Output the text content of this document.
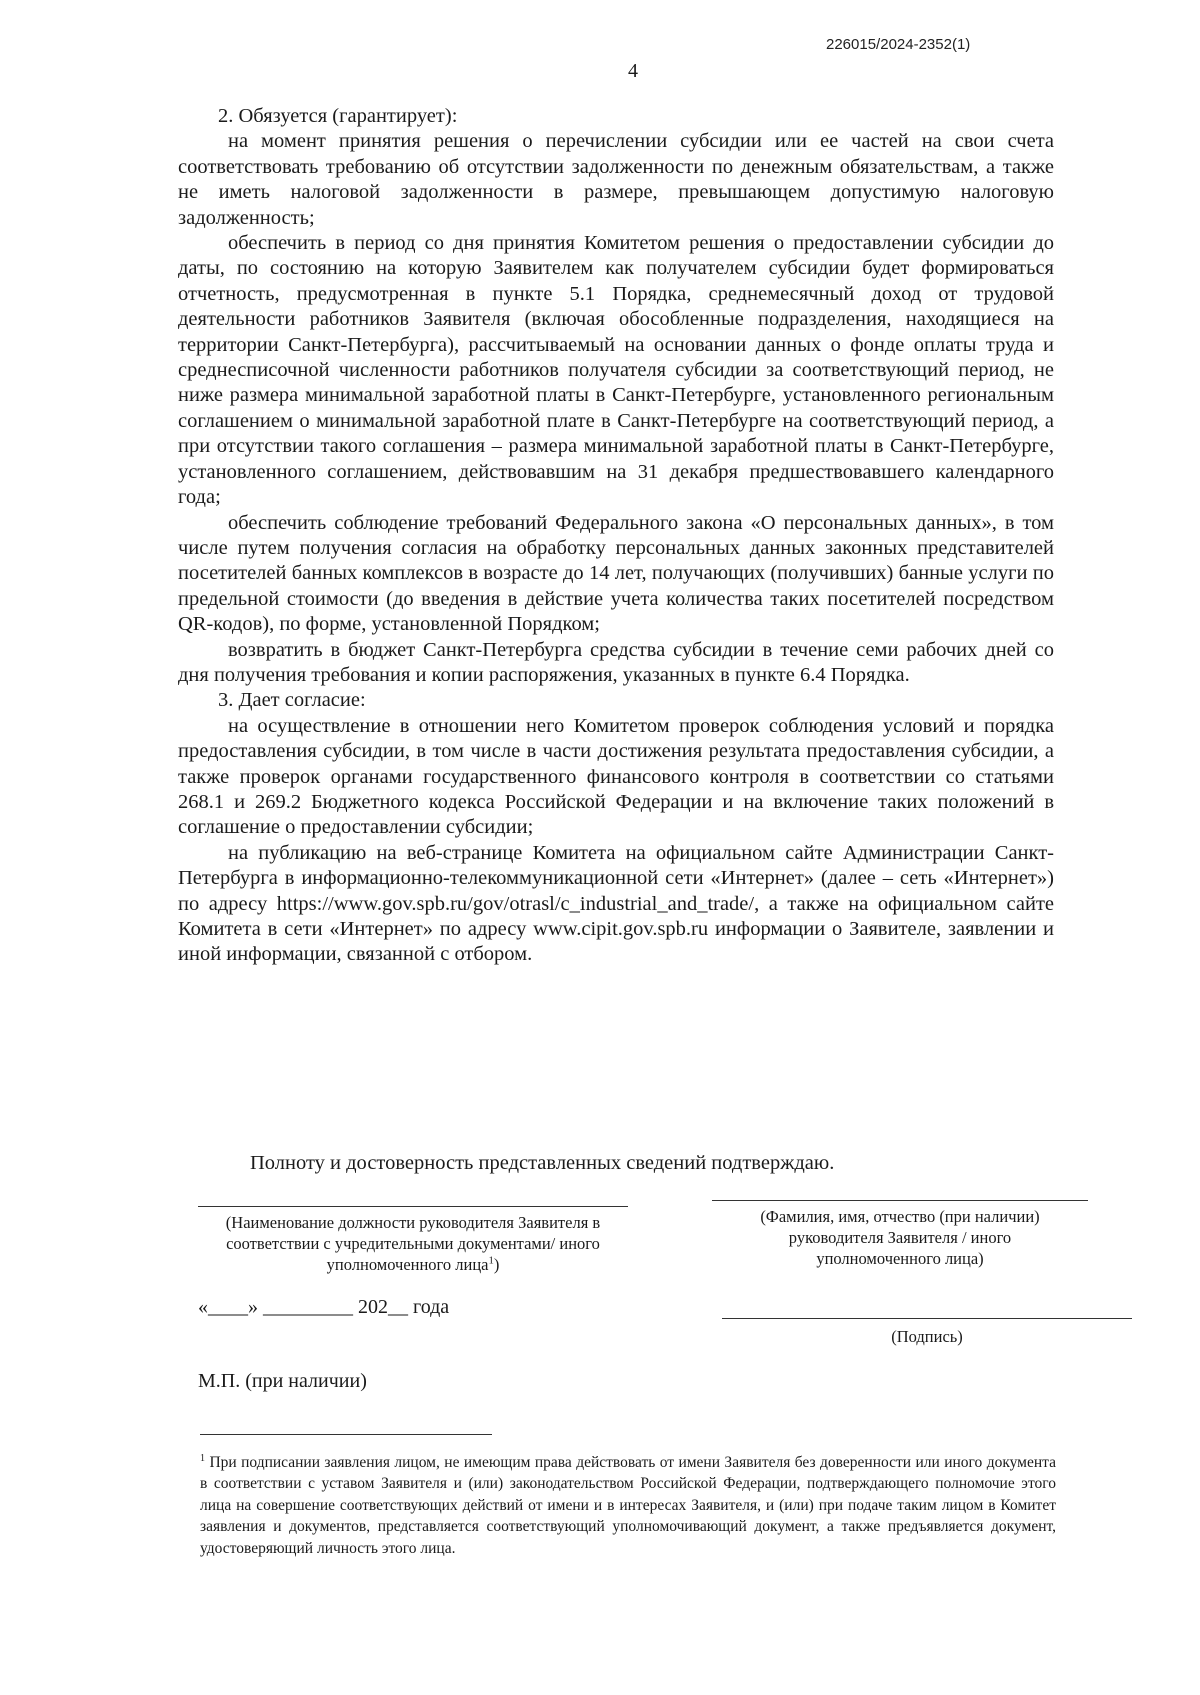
226015/2024-2352(1)
4

2. Обязуется (гарантирует):

на момент принятия решения о перечислении субсидии или ее частей на свои счета соответствовать требованию об отсутствии задолженности по денежным обязательствам, а также не иметь налоговой задолженности в размере, превышающем допустимую налоговую задолженность;

обеспечить в период со дня принятия Комитетом решения о предоставлении субсидии до даты, по состоянию на которую Заявителем как получателем субсидии будет формироваться отчетность, предусмотренная в пункте 5.1 Порядка, среднемесячный доход от трудовой деятельности работников Заявителя (включая обособленные подразделения, находящиеся на территории Санкт-Петербурга), рассчитываемый на основании данных о фонде оплаты труда и среднесписочной численности работников получателя субсидии за соответствующий период, не ниже размера минимальной заработной платы в Санкт-Петербурге, установленного региональным соглашением о минимальной заработной плате в Санкт-Петербурге на соответствующий период, а при отсутствии такого соглашения – размера минимальной заработной платы в Санкт-Петербурге, установленного соглашением, действовавшим на 31 декабря предшествовавшего календарного года;

обеспечить соблюдение требований Федерального закона «О персональных данных», в том числе путем получения согласия на обработку персональных данных законных представителей посетителей банных комплексов в возрасте до 14 лет, получающих (получивших) банные услуги по предельной стоимости (до введения в действие учета количества таких посетителей посредством QR-кодов), по форме, установленной Порядком;

возвратить в бюджет Санкт-Петербурга средства субсидии в течение семи рабочих дней со дня получения требования и копии распоряжения, указанных в пункте 6.4 Порядка.

3. Дает согласие:

на осуществление в отношении него Комитетом проверок соблюдения условий и порядка предоставления субсидии, в том числе в части достижения результата предоставления субсидии, а также проверок органами государственного финансового контроля в соответствии со статьями 268.1 и 269.2 Бюджетного кодекса Российской Федерации и на включение таких положений в соглашение о предоставлении субсидии;

на публикацию на веб-странице Комитета на официальном сайте Администрации Санкт-Петербурга в информационно-телекоммуникационной сети «Интернет» (далее – сеть «Интернет») по адресу https://www.gov.spb.ru/gov/otrasl/c_industrial_and_trade/, а также на официальном сайте Комитета в сети «Интернет» по адресу www.cipit.gov.spb.ru информации о Заявителе, заявлении и иной информации, связанной с отбором.

Полноту и достоверность представленных сведений подтверждаю.
(Наименование должности руководителя Заявителя в соответствии с учредительными документами/ иного уполномоченного лица$^1$)
(Фамилия, имя, отчество (при наличии) руководителя Заявителя / иного уполномоченного лица)
«____» _________ 202__ года
(Подпись)
М.П. (при наличии)
$^1$ При подписании заявления лицом, не имеющим права действовать от имени Заявителя без доверенности или иного документа в соответствии с уставом Заявителя и (или) законодательством Российской Федерации, подтверждающего полномочие этого лица на совершение соответствующих действий от имени и в интересах Заявителя, и (или) при подаче таким лицом в Комитет заявления и документов, представляется соответствующий уполномочивающий документ, а также предъявляется документ, удостоверяющий личность этого лица.
